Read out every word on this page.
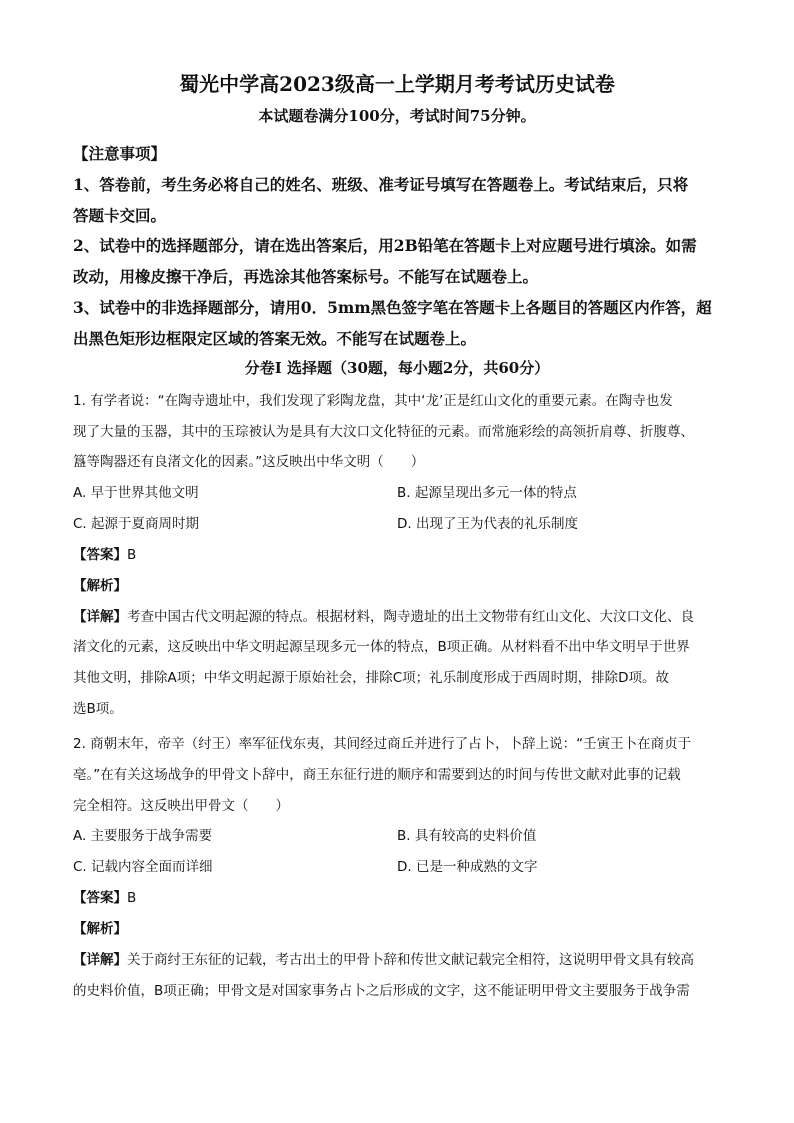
蜀光中学高2023级高一上学期月考考试历史试卷
本试题卷满分100分，考试时间75分钟。
【注意事项】
1、答卷前，考生务必将自己的姓名、班级、准考证号填写在答题卷上。考试结束后，只将
答题卡交回。
2、试卷中的选择题部分，请在选出答案后，用2B铅笔在答题卡上对应题号进行填涂。如需
改动，用橡皮擦干净后，再选涂其他答案标号。不能写在试题卷上。
3、试卷中的非选择题部分，请用0．5mm黑色签字笔在答题卡上各题目的答题区内作答，超
出黑色矩形边框限定区域的答案无效。不能写在试题卷上。
分卷I 选择题（30题，每小题2分，共60分）
1. 有学者说：“在陶寺遗址中，我们发现了彩陶龙盘，其中‘龙’正是红山文化的重要元素。在陶寺也发
现了大量的玉器，其中的玉琮被认为是具有大汶口文化特征的元素。而常施彩绘的高领折肩尊、折腹尊、
簋等陶器还有良渚文化的因素。”这反映出中华文明（　　）
A. 早于世界其他文明	B. 起源呈现出多元一体的特点
C. 起源于夏商周时期	D. 出现了王为代表的礼乐制度
【答案】B
【解析】
【详解】考查中国古代文明起源的特点。根据材料，陶寺遗址的出土文物带有红山文化、大汶口文化、良
渚文化的元素，这反映出中华文明起源呈现多元一体的特点，B项正确。从材料看不出中华文明早于世界
其他文明，排除A项；中华文明起源于原始社会，排除C项；礼乐制度形成于西周时期，排除D项。故
选B项。
2. 商朝末年，帝辛（纣王）率军征伐东夷，其间经过商丘并进行了占卜，卜辞上说：“壬寅王卜在商贞于
亳。”在有关这场战争的甲骨文卜辞中，商王东征行进的顺序和需要到达的时间与传世文献对此事的记载
完全相符。这反映出甲骨文（　　）
A. 主要服务于战争需要	B. 具有较高的史料价值
C. 记载内容全面而详细	D. 已是一种成熟的文字
【答案】B
【解析】
【详解】关于商纣王东征的记载，考古出土的甲骨卜辞和传世文献记载完全相符，这说明甲骨文具有较高
的史料价值，B项正确；甲骨文是对国家事务占卜之后形成的文字，这不能证明甲骨文主要服务于战争需
